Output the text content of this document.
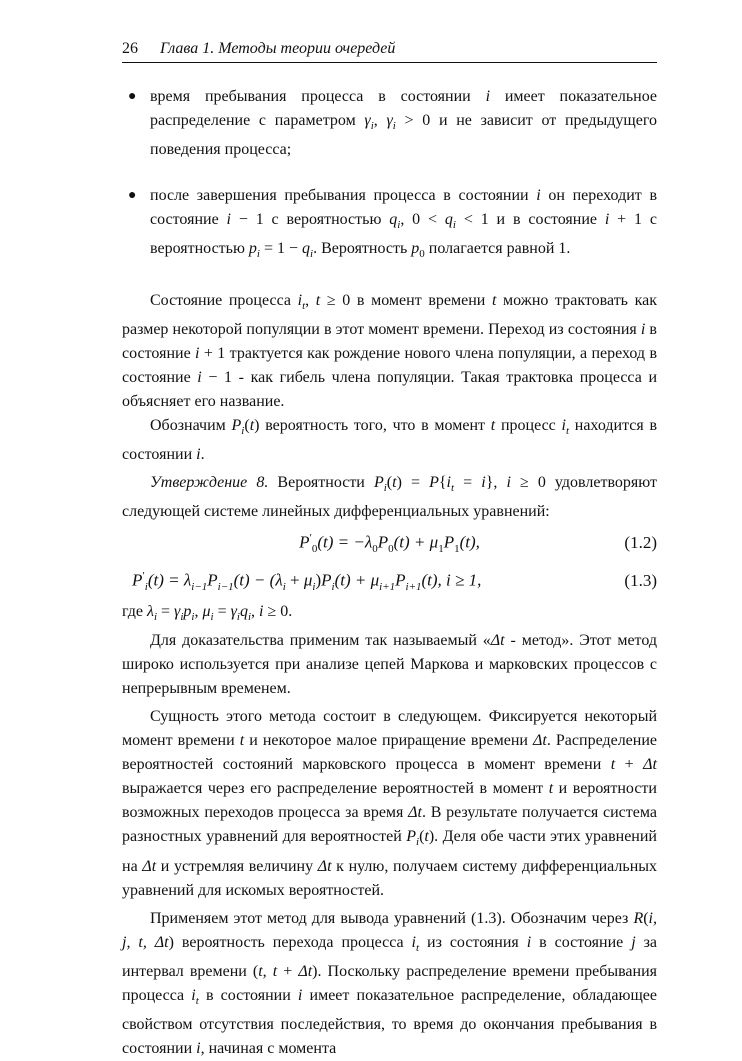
26 Глава 1. Методы теории очередей
● время пребывания процесса в состоянии i имеет показательное распределение с параметром $\gamma_i$, $\gamma_i > 0$ и не зависит от предыдущего поведения процесса;
● после завершения пребывания процесса в состоянии i он переходит в состояние i − 1 с вероятностью $q_i$, $0 < q_i < 1$ и в состояние i + 1 с вероятностью $p_i = 1 - q_i$. Вероятность $p_0$ полагается равной 1.

Состояние процесса $i_t$, t ≥ 0 в момент времени t можно трактовать как размер некоторой популяции в этот момент времени. Переход из состояния i в состояние i + 1 трактуется как рождение нового члена популяции, а переход в состояние i − 1 - как гибель члена популяции. Такая трактовка процесса и объясняет его название.

Обозначим $P_i(t)$ вероятность того, что в момент t процесс $i_t$ находится в состоянии i.

Утверждение 8. Вероятности $P_i(t) = P\{i_t = i\}$, i ≥ 0 удовлетворяют следующей системе линейных дифференциальных уравнений:

$P'_0(t) = -\lambda_0P_0(t) + \mu_1P_1(t)$,	(1.2)
$P'_i(t) = \lambda_{i-1}P_{i-1}(t) - (\lambda_i + \mu_i)P_i(t) + \mu_{i+1}P_{i+1}(t)$, i ≥ 1,	(1.3)

где $\lambda_i = \gamma_ip_i$, $\mu_i = \gamma_iq_i$, i ≥ 0.

Для доказательства применим так называемый «Δt - метод». Этот метод широко используется при анализе цепей Маркова и марковских процессов с непрерывным временем.

Сущность этого метода состоит в следующем. Фиксируется некоторый момент времени t и некоторое малое приращение времени Δt. Распределение вероятностей состояний марковского процесса в момент времени t + Δt выражается через его распределение вероятностей в момент t и вероятности возможных переходов процесса за время Δt. В результате получается система разностных уравнений для вероятностей $P_i(t)$. Деля обе части этих уравнений на Δt и устремляя величину Δt к нулю, получаем систему дифференциальных уравнений для искомых вероятностей.

Применяем этот метод для вывода уравнений (1.3). Обозначим через R(i, j, t, Δt) вероятность перехода процесса $i_t$ из состояния i в состояние j за интервал времени (t, t + Δt). Поскольку распределение времени пребывания процесса $i_t$ в состоянии i имеет показательное распределение, обладающее свойством отсутствия последействия, то время до окончания пребывания в состоянии i, начиная с момента
